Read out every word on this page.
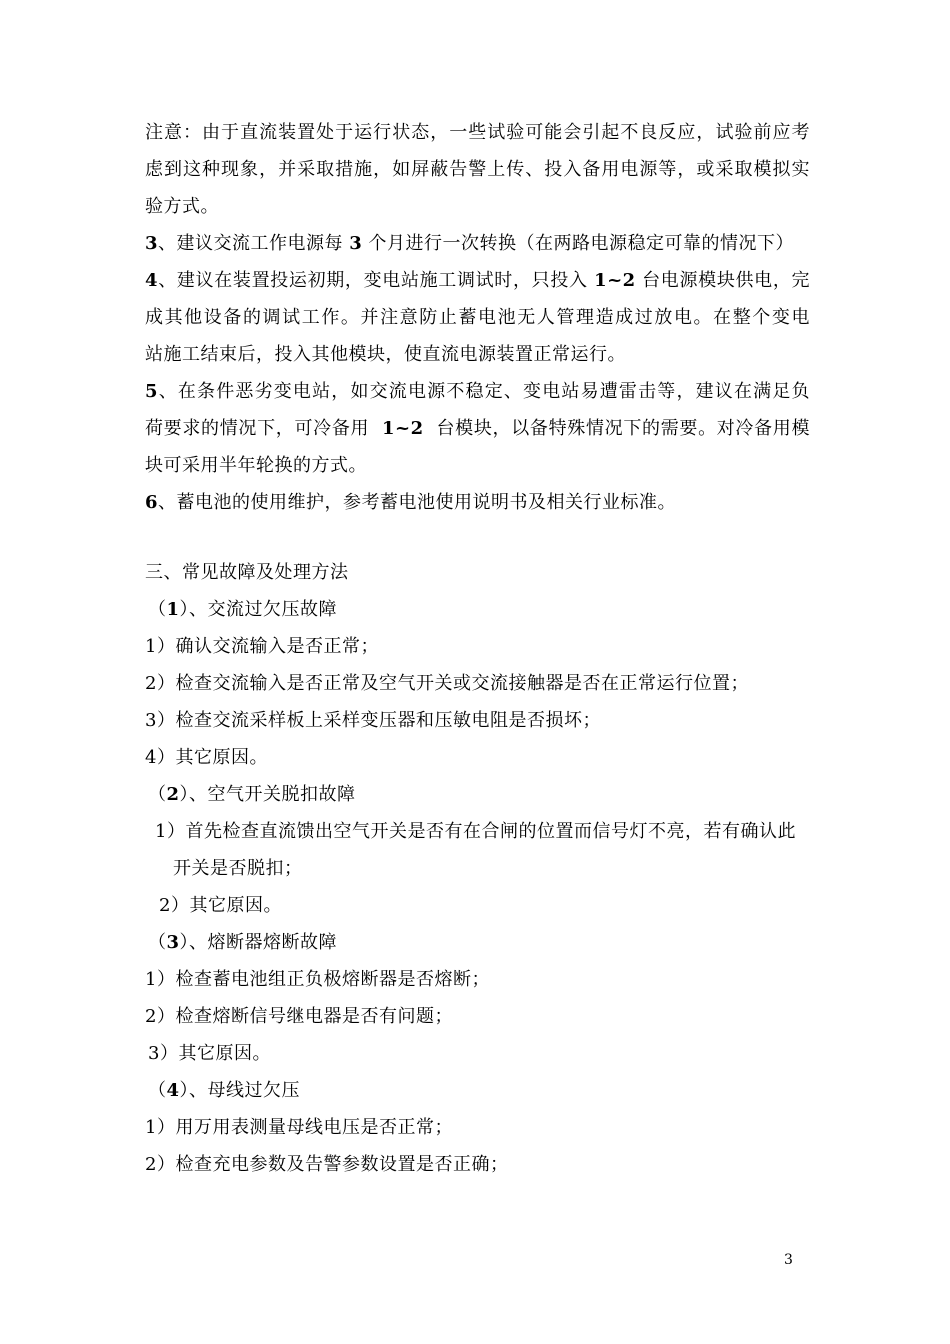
注意：由于直流装置处于运行状态，一些试验可能会引起不良反应，试验前应考
虑到这种现象，并采取措施，如屏蔽告警上传、投入备用电源等，或采取模拟实
验方式。
3、建议交流工作电源每 3 个月进行一次转换（在两路电源稳定可靠的情况下）
4、建议在装置投运初期，变电站施工调试时，只投入 1~2 台电源模块供电，完
成其他设备的调试工作。并注意防止蓄电池无人管理造成过放电。在整个变电
站施工结束后，投入其他模块，使直流电源装置正常运行。
5、在条件恶劣变电站，如交流电源不稳定、变电站易遭雷击等，建议在满足负
荷要求的情况下，可冷备用 1~2 台模块，以备特殊情况下的需要。对冷备用模
块可采用半年轮换的方式。
6、蓄电池的使用维护，参考蓄电池使用说明书及相关行业标准。
三、常见故障及处理方法
（1）、交流过欠压故障
1）确认交流输入是否正常；
2）检查交流输入是否正常及空气开关或交流接触器是否在正常运行位置；
3）检查交流采样板上采样变压器和压敏电阻是否损坏；
4）其它原因。
（2）、空气开关脱扣故障
1）首先检查直流馈出空气开关是否有在合闸的位置而信号灯不亮，若有确认此
开关是否脱扣；
2）其它原因。
（3）、熔断器熔断故障
1）检查蓄电池组正负极熔断器是否熔断；
2）检查熔断信号继电器是否有问题；
3）其它原因。
（4）、母线过欠压
1）用万用表测量母线电压是否正常；
2）检查充电参数及告警参数设置是否正确；
3
